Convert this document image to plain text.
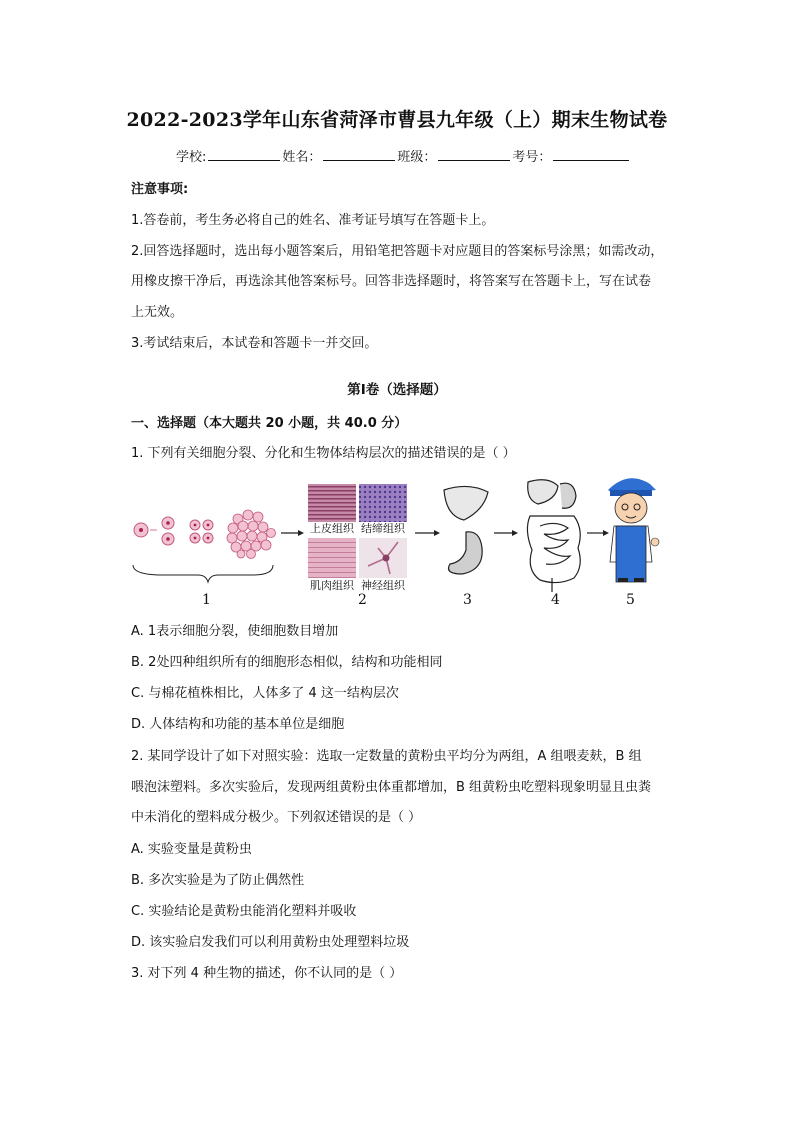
2022-2023学年山东省菏泽市曹县九年级（上）期末生物试卷
学校:	姓名：	班级：	考号：
注意事项:
1.答卷前，考生务必将自己的姓名、准考证号填写在答题卡上。
2.回答选择题时，选出每小题答案后，用铅笔把答题卡对应题目的答案标号涂黑；如需改动，
用橡皮擦干净后，再选涂其他答案标号。回答非选择题时，将答案写在答题卡上，写在试卷
上无效。
3.考试结束后，本试卷和答题卡一并交回。
第Ⅰ卷（选择题）
一、选择题（本大题共 20 小题，共 40.0 分）
1. 下列有关细胞分裂、分化和生物体结构层次的描述错误的是（ ）
上皮组织 结缔组织
肌肉组织 神经组织
1	2	3	4	5
A. 1表示细胞分裂，使细胞数目增加
B. 2处四种组织所有的细胞形态相似，结构和功能相同
C. 与棉花植株相比，人体多了 4 这一结构层次
D. 人体结构和功能的基本单位是细胞
2. 某同学设计了如下对照实验：选取一定数量的黄粉虫平均分为两组，A 组喂麦麸，B 组
喂泡沫塑料。多次实验后，发现两组黄粉虫体重都增加，B 组黄粉虫吃塑料现象明显且虫粪
中未消化的塑料成分极少。下列叙述错误的是（ ）
A. 实验变量是黄粉虫
B. 多次实验是为了防止偶然性
C. 实验结论是黄粉虫能消化塑料并吸收
D. 该实验启发我们可以利用黄粉虫处理塑料垃圾
3. 对下列 4 种生物的描述，你不认同的是（ ）
